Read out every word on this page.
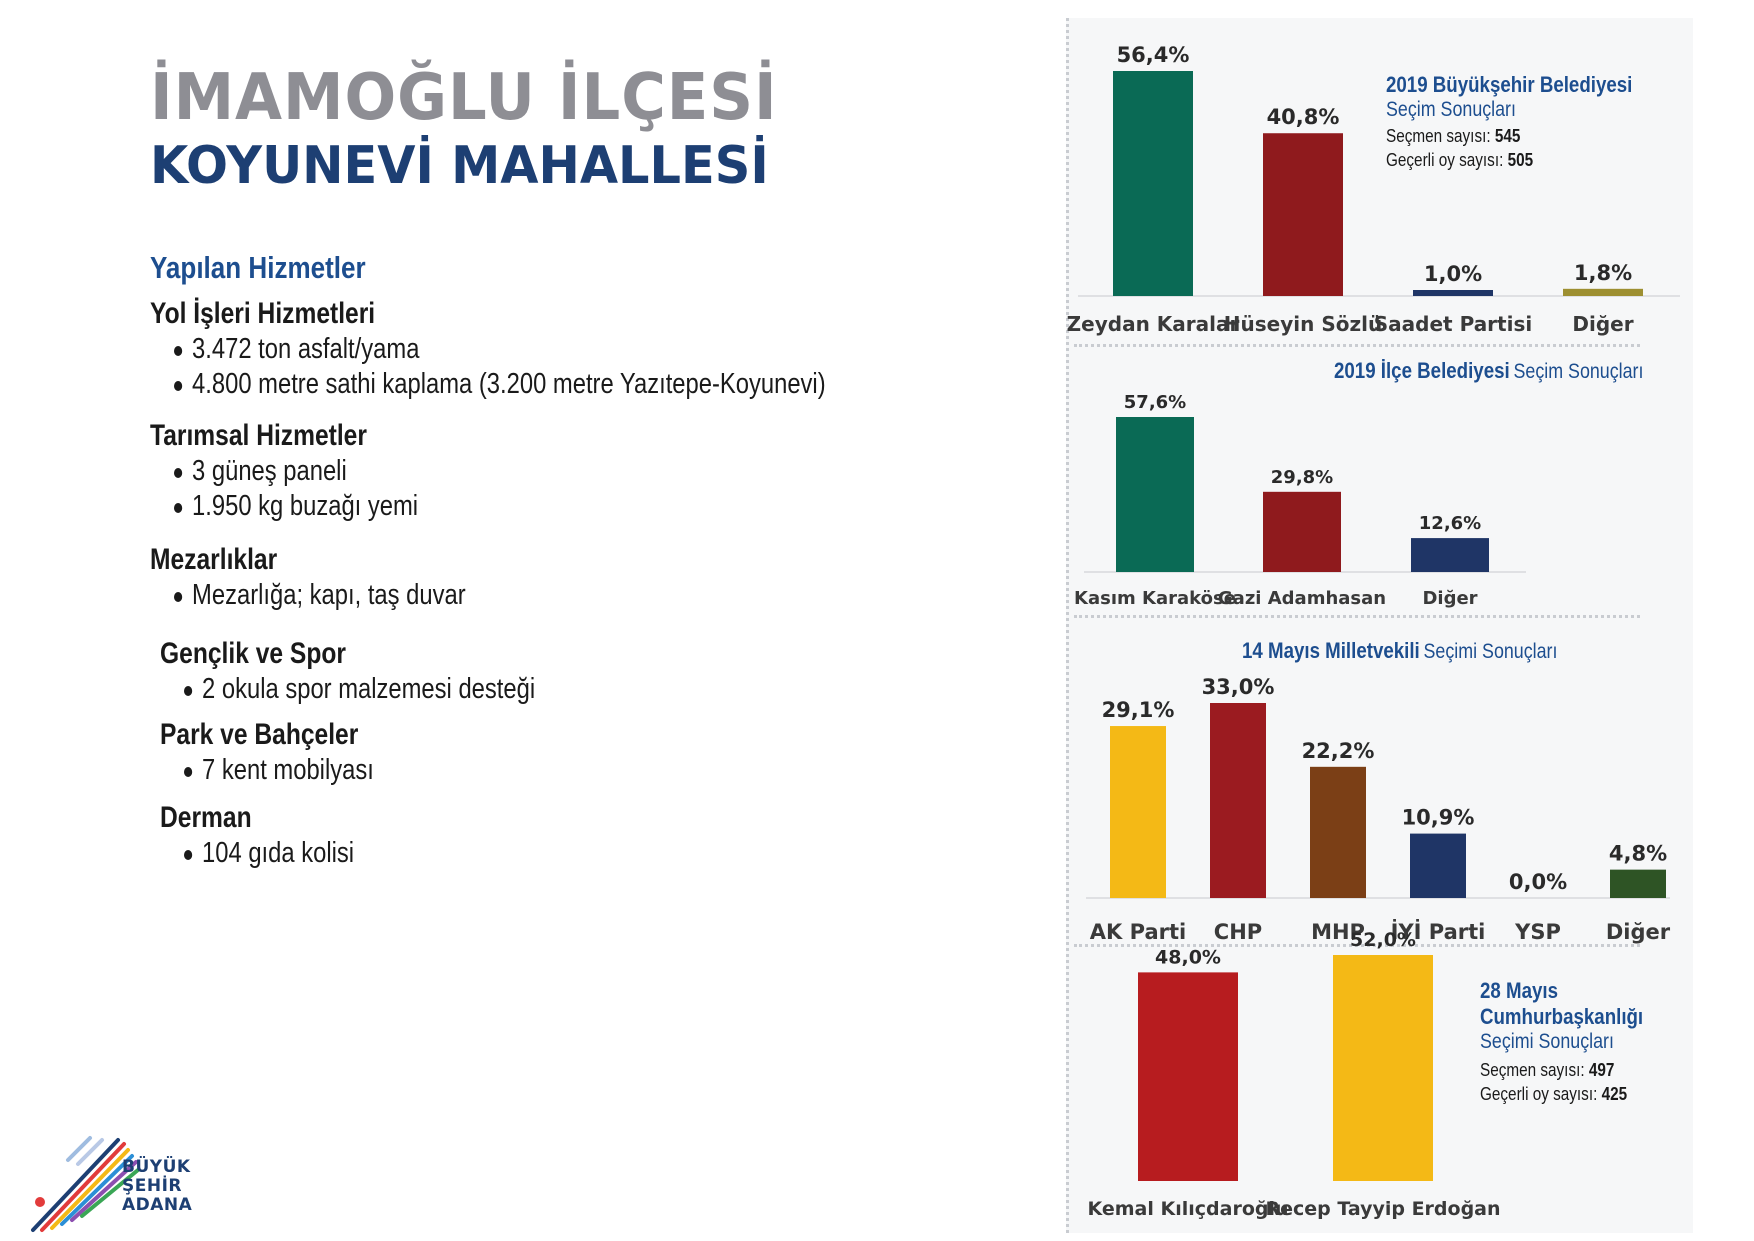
İMAMOĞLU İLÇESİ
KOYUNEVİ MAHALLESİ
Yapılan Hizmetler
Yol İşleri Hizmetleri
3.472 ton asfalt/yama
4.800 metre sathi kaplama (3.200 metre Yazıtepe-Koyunevi)
Tarımsal Hizmetler
3 güneş paneli
1.950 kg buzağı yemi
Mezarlıklar
Mezarlığa; kapı, taş duvar
Gençlik ve Spor
2 okula spor malzemesi desteği
Park ve Bahçeler
7 kent mobilyası
Derman
104 gıda kolisi
BÜYÜK
ŞEHİR
ADANA
2019 Büyükşehir Belediyesi
Seçim Sonuçları
Seçmen sayısı: 545
Geçerli oy sayısı: 505
2019 İlçe Belediyesi Seçim Sonuçları
14 Mayıs Milletvekili Seçimi Sonuçları
28 Mayıs
Cumhurbaşkanlığı
Seçimi Sonuçları
Seçmen sayısı: 497
Geçerli oy sayısı: 425
56,4%
Zeydan Karalar
40,8%
Hüseyin Sözlü
1,0%
Saadet Partisi
1,8%
Diğer
57,6%
Kasım Karaköse
29,8%
Gazi Adamhasan
12,6%
Diğer
29,1%
AK Parti
33,0%
CHP
22,2%
MHP
10,9%
İYİ Parti
0,0%
YSP
4,8%
Diğer
48,0%
Kemal Kılıçdaroğlu
52,0%
Recep Tayyip Erdoğan
